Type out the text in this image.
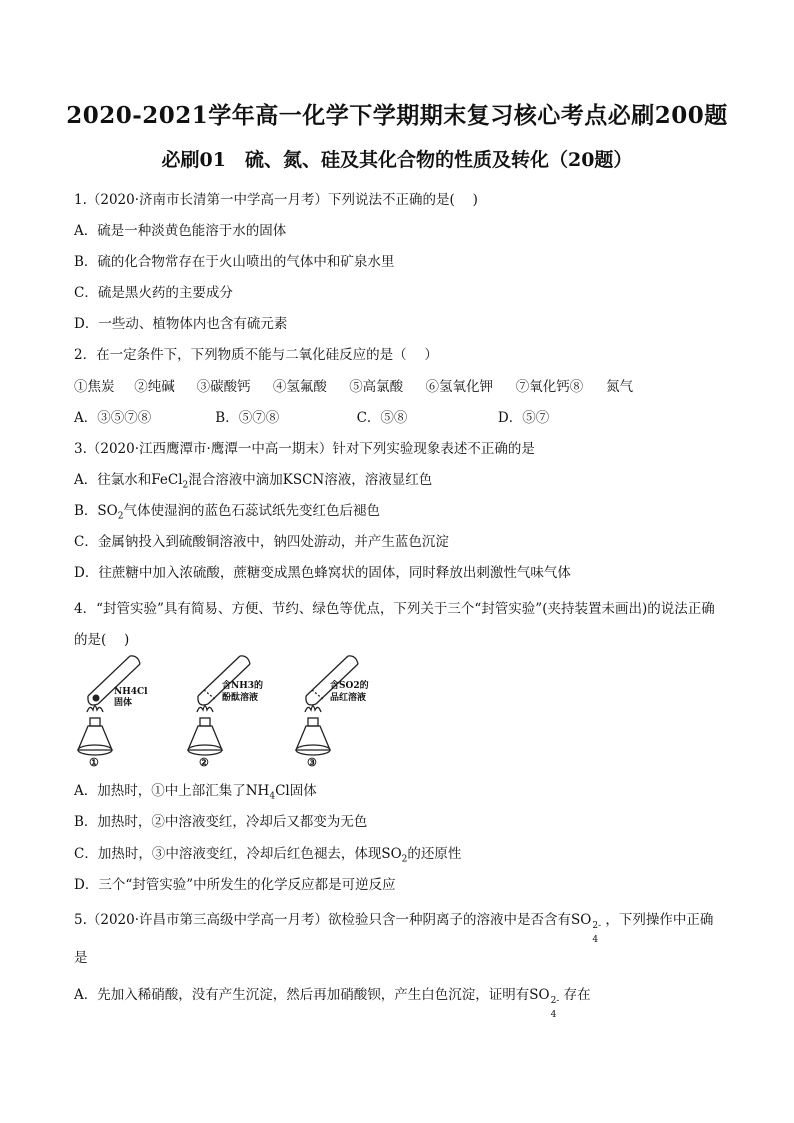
2020-2021学年高一化学下学期期末复习核心考点必刷200题
必刷01　硫、氮、硅及其化合物的性质及转化（20题）
1.（2020·济南市长清第一中学高一月考）下列说法不正确的是(　 )
A．硫是一种淡黄色能溶于水的固体
B．硫的化合物常存在于火山喷出的气体中和矿泉水里
C．硫是黑火药的主要成分
D．一些动、植物体内也含有硫元素
2．在一定条件下，下列物质不能与二氧化硅反应的是（　 ）
①焦炭 ②纯碱 ③碳酸钙 ④氢氟酸 ⑤高氯酸 ⑥氢氧化钾 ⑦氧化钙⑧ 氮气
A．③⑤⑦⑧	B．⑤⑦⑧	C．⑤⑧	D．⑤⑦
3.（2020·江西鹰潭市·鹰潭一中高一期末）针对下列实验现象表述不正确的是
A．往氯水和FeCl$_2$混合溶液中滴加KSCN溶液，溶液显红色
B．$SO_2$气体使湿润的蓝色石蕊试纸先变红色后褪色
C．金属钠投入到硫酸铜溶液中，钠四处游动，并产生蓝色沉淀
D．往蔗糖中加入浓硫酸，蔗糖变成黑色蜂窝状的固体，同时释放出刺激性气味气体
4．“封管实验”具有简易、方便、节约、绿色等优点，下列关于三个“封管实验”(夹持装置未画出)的说法正确的是(　 )
NH4Cl
固体
含NH3的
酚酞溶液
含SO2的
品红溶液
①	②	③
A．加热时，①中上部汇集了$NH_4Cl$固体
B．加热时，②中溶液变红，冷却后又都变为无色
C．加热时，③中溶液变红，冷却后红色褪去，体现$SO_2$的还原性
D．三个“封管实验”中所发生的化学反应都是可逆反应
5.（2020·许昌市第三高级中学高一月考）欲检验只含一种阴离子的溶液中是否含有SO 2-
4
，下列操作中正确
是
A．先加入稀硝酸，没有产生沉淀，然后再加硝酸钡，产生白色沉淀，证明有SO 2-
4
存在
